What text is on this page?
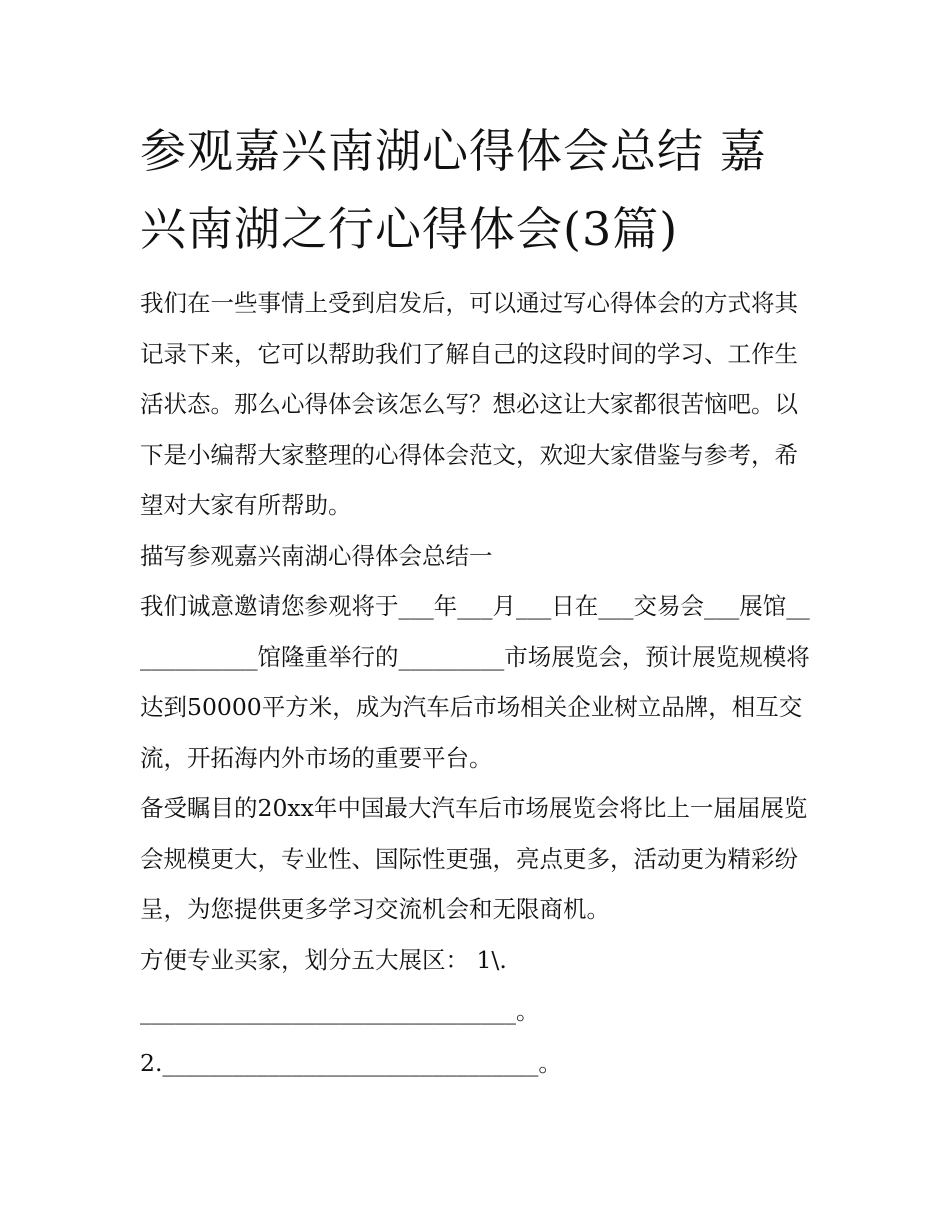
参观嘉兴南湖心得体会总结 嘉兴南湖之行心得体会(3篇)

我们在一些事情上受到启发后，可以通过写心得体会的方式将其记录下来，它可以帮助我们了解自己的这段时间的学习、工作生活状态。那么心得体会该怎么写？想必这让大家都很苦恼吧。以下是小编帮大家整理的心得体会范文，欢迎大家借鉴与参考，希望对大家有所帮助。

描写参观嘉兴南湖心得体会总结一

我们诚意邀请您参观将于___年___月___日在___交易会___展馆____________馆隆重举行的_________市场展览会，预计展览规模将达到50000平方米，成为汽车后市场相关企业树立品牌，相互交流，开拓海内外市场的重要平台。

备受瞩目的20xx年中国最大汽车后市场展览会将比上一届届展览会规模更大，专业性、国际性更强，亮点更多，活动更为精彩纷呈，为您提供更多学习交流机会和无限商机。

方便专业买家，划分五大展区： 1\.

________________________________。

2.________________________________。
